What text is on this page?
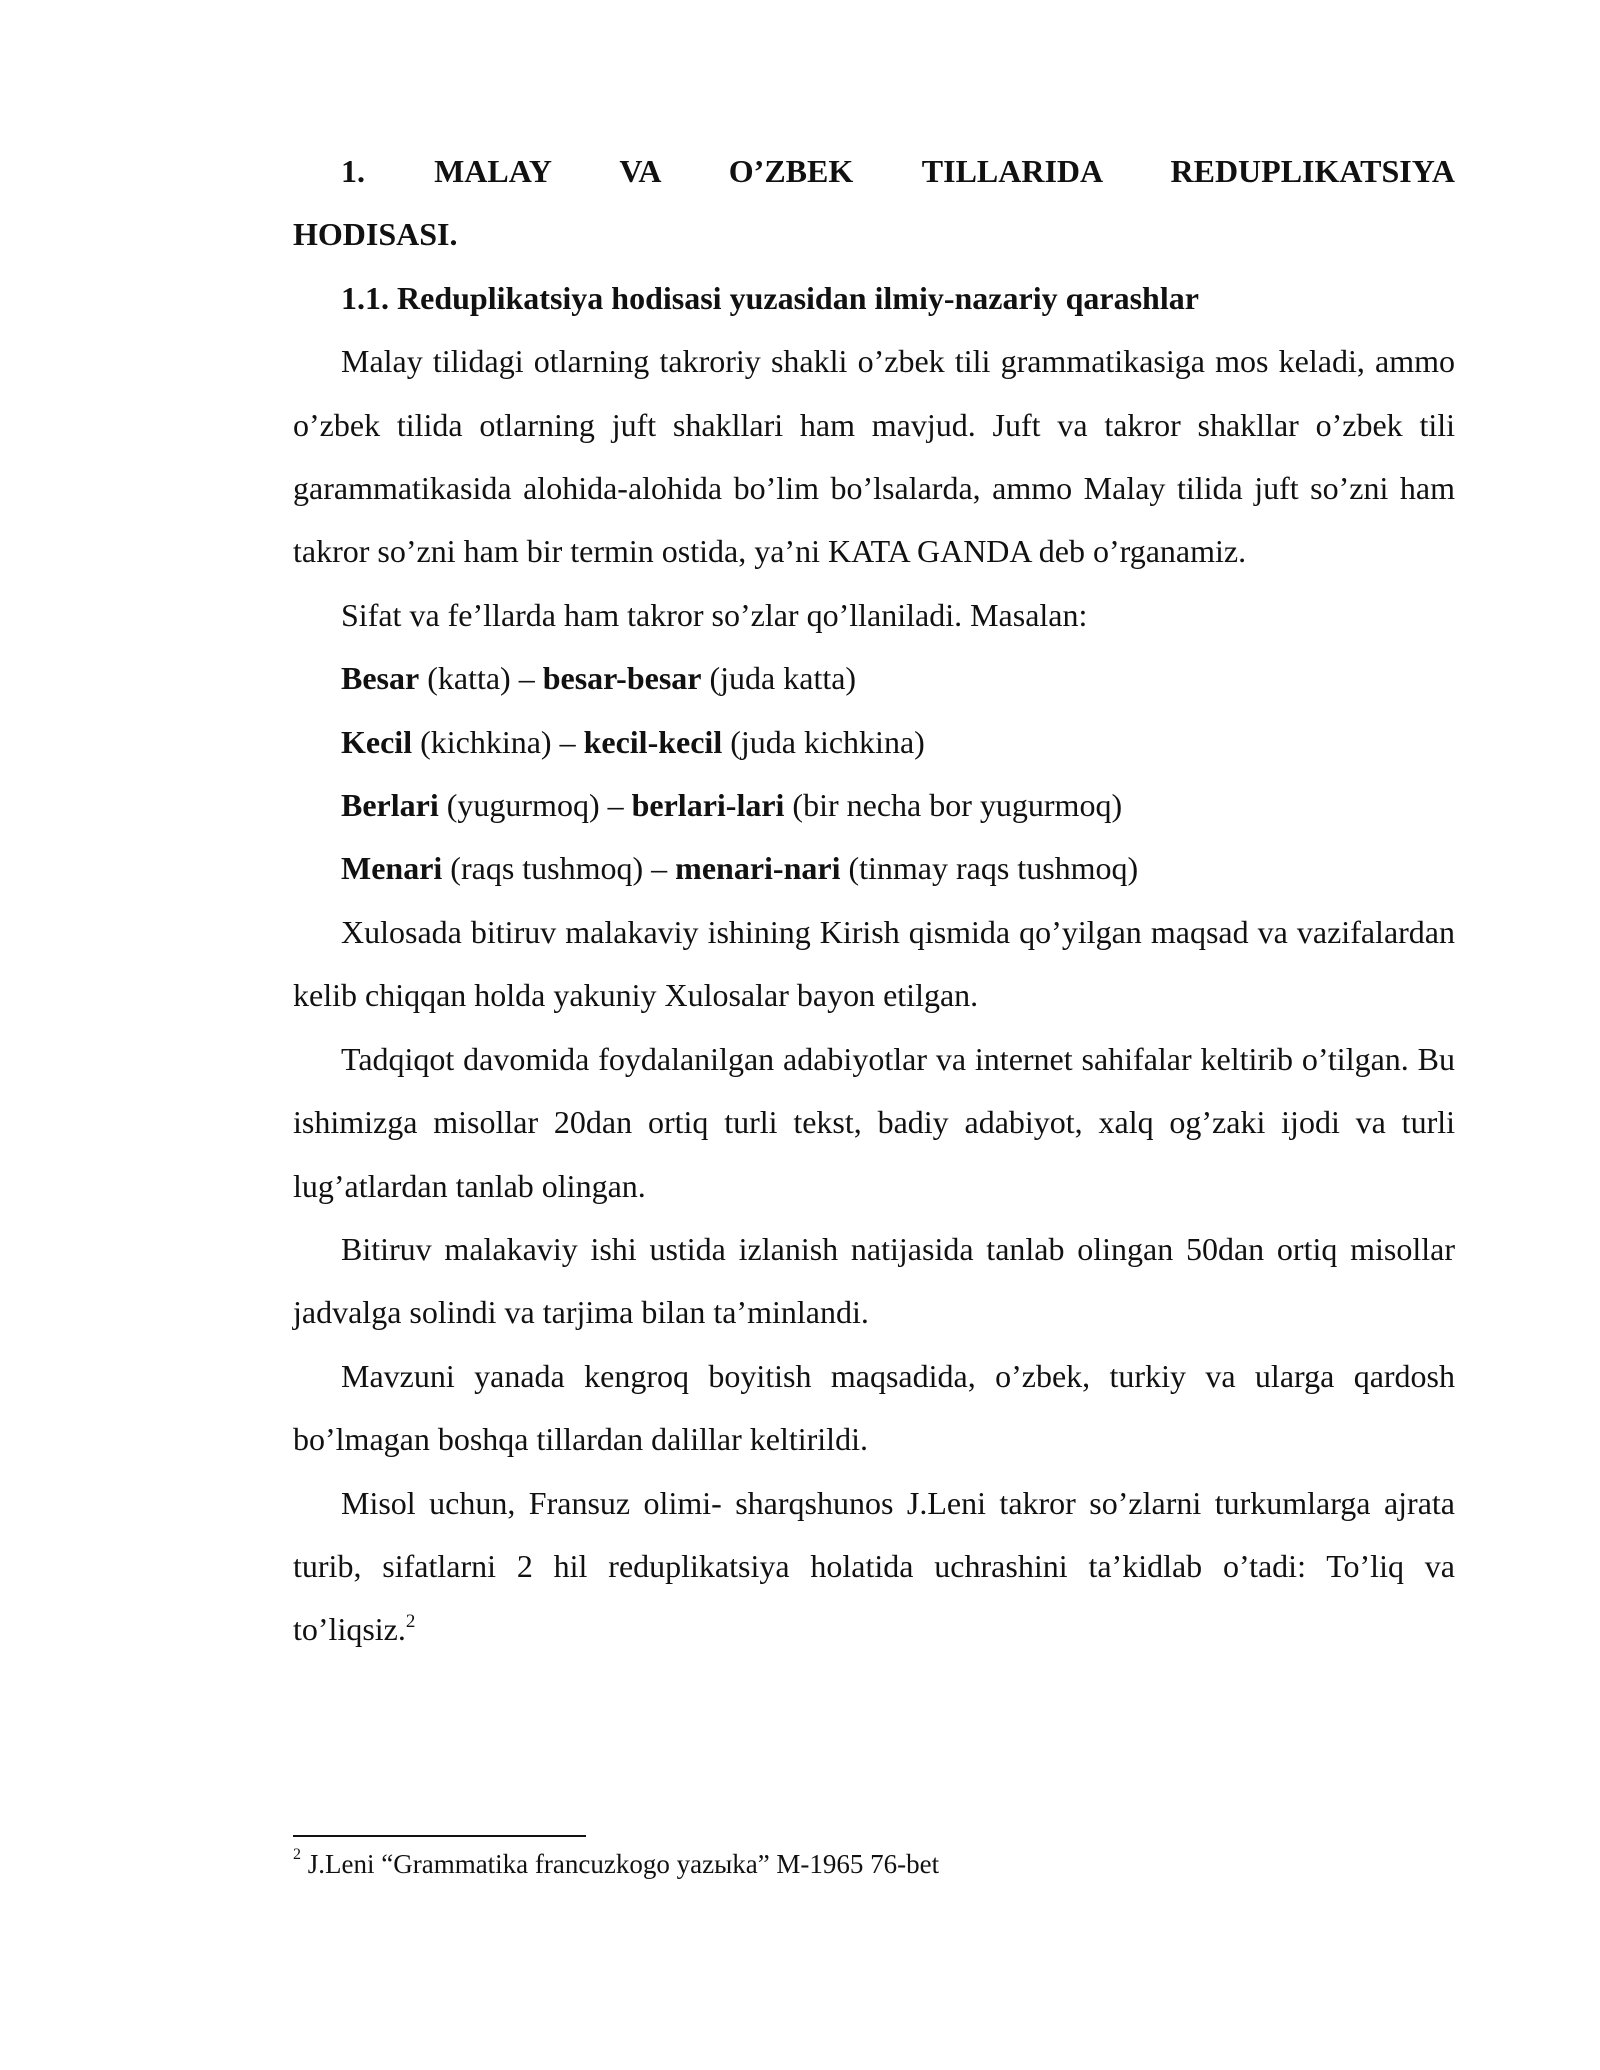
1. MALAY VA O’ZBEK TILLARIDA REDUPLIKATSIYA

HODISASI.

1.1. Reduplikatsiya hodisasi yuzasidan ilmiy-nazariy qarashlar

Malay tilidagi otlarning takroriy shakli o’zbek tili grammatikasiga mos keladi, ammo o’zbek tilida otlarning juft shakllari ham mavjud. Juft va takror shakllar o’zbek tili garammatikasida alohida-alohida bo’lim bo’lsalarda, ammo Malay tilida juft so’zni ham takror so’zni ham bir termin ostida, ya’ni KATA GANDA deb o’rganamiz.

Sifat va fe’llarda ham takror so’zlar qo’llaniladi. Masalan:

Besar (katta) – besar-besar (juda katta)

Kecil (kichkina) – kecil-kecil (juda kichkina)

Berlari (yugurmoq) – berlari-lari (bir necha bor yugurmoq)

Menari (raqs tushmoq) – menari-nari (tinmay raqs tushmoq)

Xulosada bitiruv malakaviy ishining Kirish qismida qo’yilgan maqsad va vazifalardan kelib chiqqan holda yakuniy Xulosalar bayon etilgan.

Tadqiqot davomida foydalanilgan adabiyotlar va internet sahifalar keltirib o’tilgan. Bu ishimizga misollar 20dan ortiq turli tekst, badiy adabiyot, xalq og’zaki ijodi va turli lug’atlardan tanlab olingan.

Bitiruv malakaviy ishi ustida izlanish natijasida tanlab olingan 50dan ortiq misollar jadvalga solindi va tarjima bilan ta’minlandi.

Mavzuni yanada kengroq boyitish maqsadida, o’zbek, turkiy va ularga qardosh bo’lmagan boshqa tillardan dalillar keltirildi.

Misol uchun, Fransuz olimi- sharqshunos J.Leni takror so’zlarni turkumlarga ajrata turib, sifatlarni 2 hil reduplikatsiya holatida uchrashini ta’kidlab o’tadi: To’liq va to’liqsiz.$^2$

$^2$ J.Leni “Grammatika francuzkogo yazыka” M-1965 76-bet
